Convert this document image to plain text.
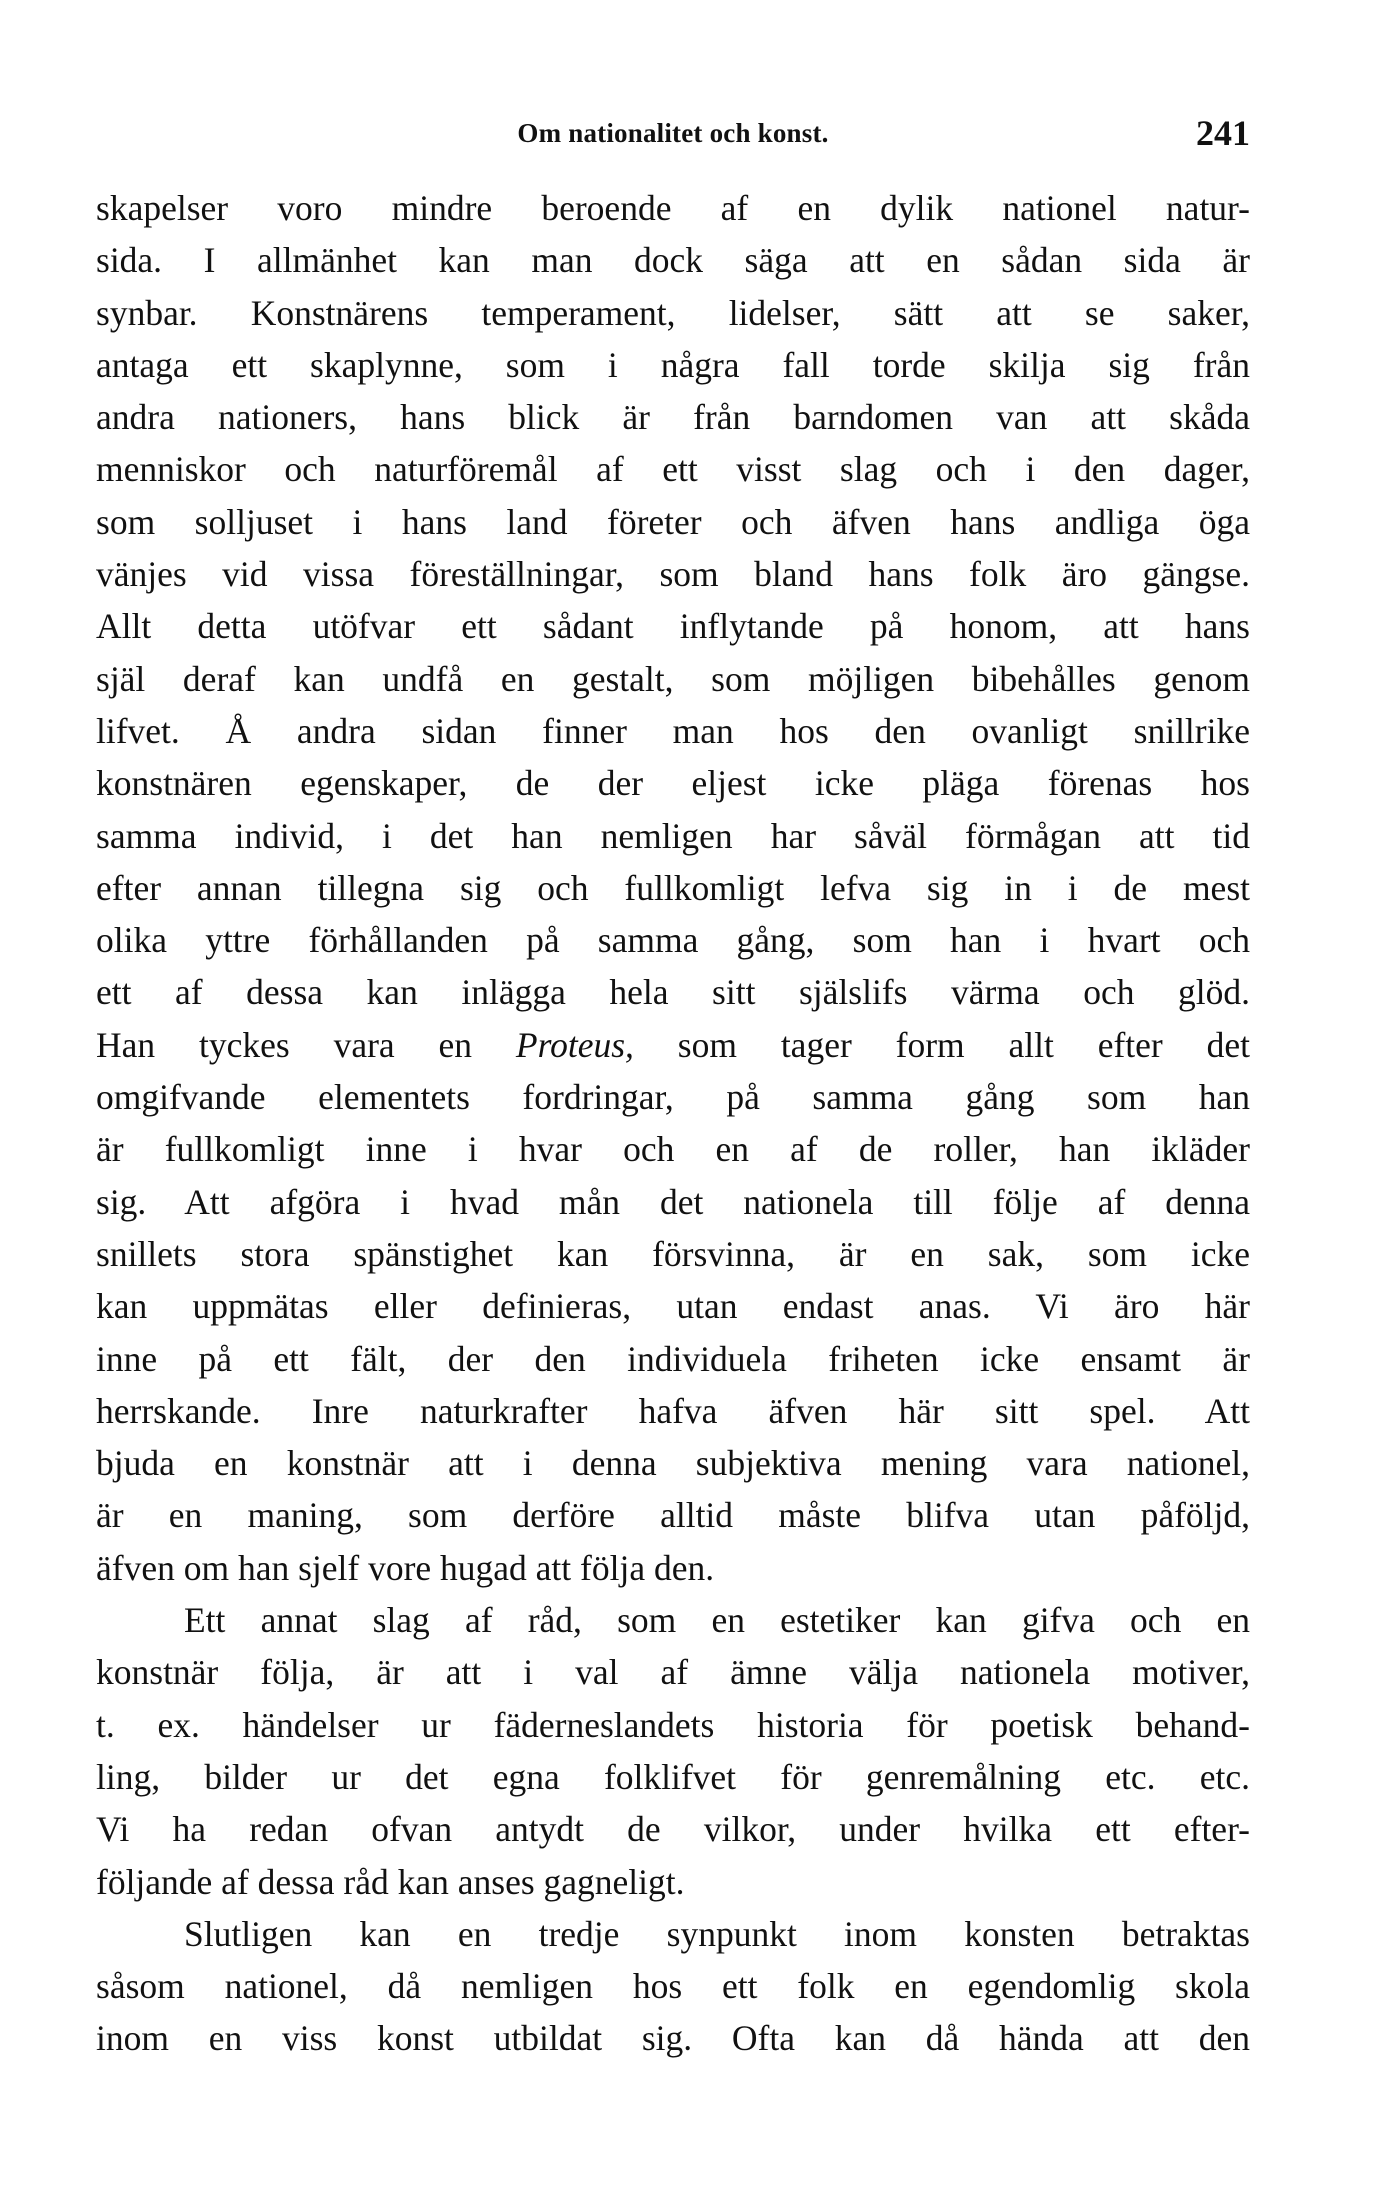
Om nationalitet och konst.	241
skapelser voro mindre beroende af en dylik nationel natur-
sida. I allmänhet kan man dock säga att en sådan sida är
synbar. Konstnärens temperament, lidelser, sätt att se saker,
antaga ett skaplynne, som i några fall torde skilja sig från
andra nationers, hans blick är från barndomen van att skåda
menniskor och naturföremål af ett visst slag och i den dager,
som solljuset i hans land företer och äfven hans andliga öga
vänjes vid vissa föreställningar, som bland hans folk äro gängse.
Allt detta utöfvar ett sådant inflytande på honom, att hans
själ deraf kan undfå en gestalt, som möjligen bibehålles genom
lifvet. Å andra sidan finner man hos den ovanligt snillrike
konstnären egenskaper, de der eljest icke pläga förenas hos
samma individ, i det han nemligen har såväl förmågan att tid
efter annan tillegna sig och fullkomligt lefva sig in i de mest
olika yttre förhållanden på samma gång, som han i hvart och
ett af dessa kan inlägga hela sitt själslifs värma och glöd.
Han tyckes vara en Proteus, som tager form allt efter det
omgifvande elementets fordringar, på samma gång som han
är fullkomligt inne i hvar och en af de roller, han ikläder
sig. Att afgöra i hvad mån det nationela till följe af denna
snillets stora spänstighet kan försvinna, är en sak, som icke
kan uppmätas eller definieras, utan endast anas. Vi äro här
inne på ett fält, der den individuela friheten icke ensamt är
herrskande. Inre naturkrafter hafva äfven här sitt spel. Att
bjuda en konstnär att i denna subjektiva mening vara nationel,
är en maning, som derföre alltid måste blifva utan påföljd,
äfven om han sjelf vore hugad att följa den.
Ett annat slag af råd, som en estetiker kan gifva och en
konstnär följa, är att i val af ämne välja nationela motiver,
t. ex. händelser ur fäderneslandets historia för poetisk behand-
ling, bilder ur det egna folklifvet för genremålning etc. etc.
Vi ha redan ofvan antydt de vilkor, under hvilka ett efter-
följande af dessa råd kan anses gagneligt.
Slutligen kan en tredje synpunkt inom konsten betraktas
såsom nationel, då nemligen hos ett folk en egendomlig skola
inom en viss konst utbildat sig. Ofta kan då hända att den
